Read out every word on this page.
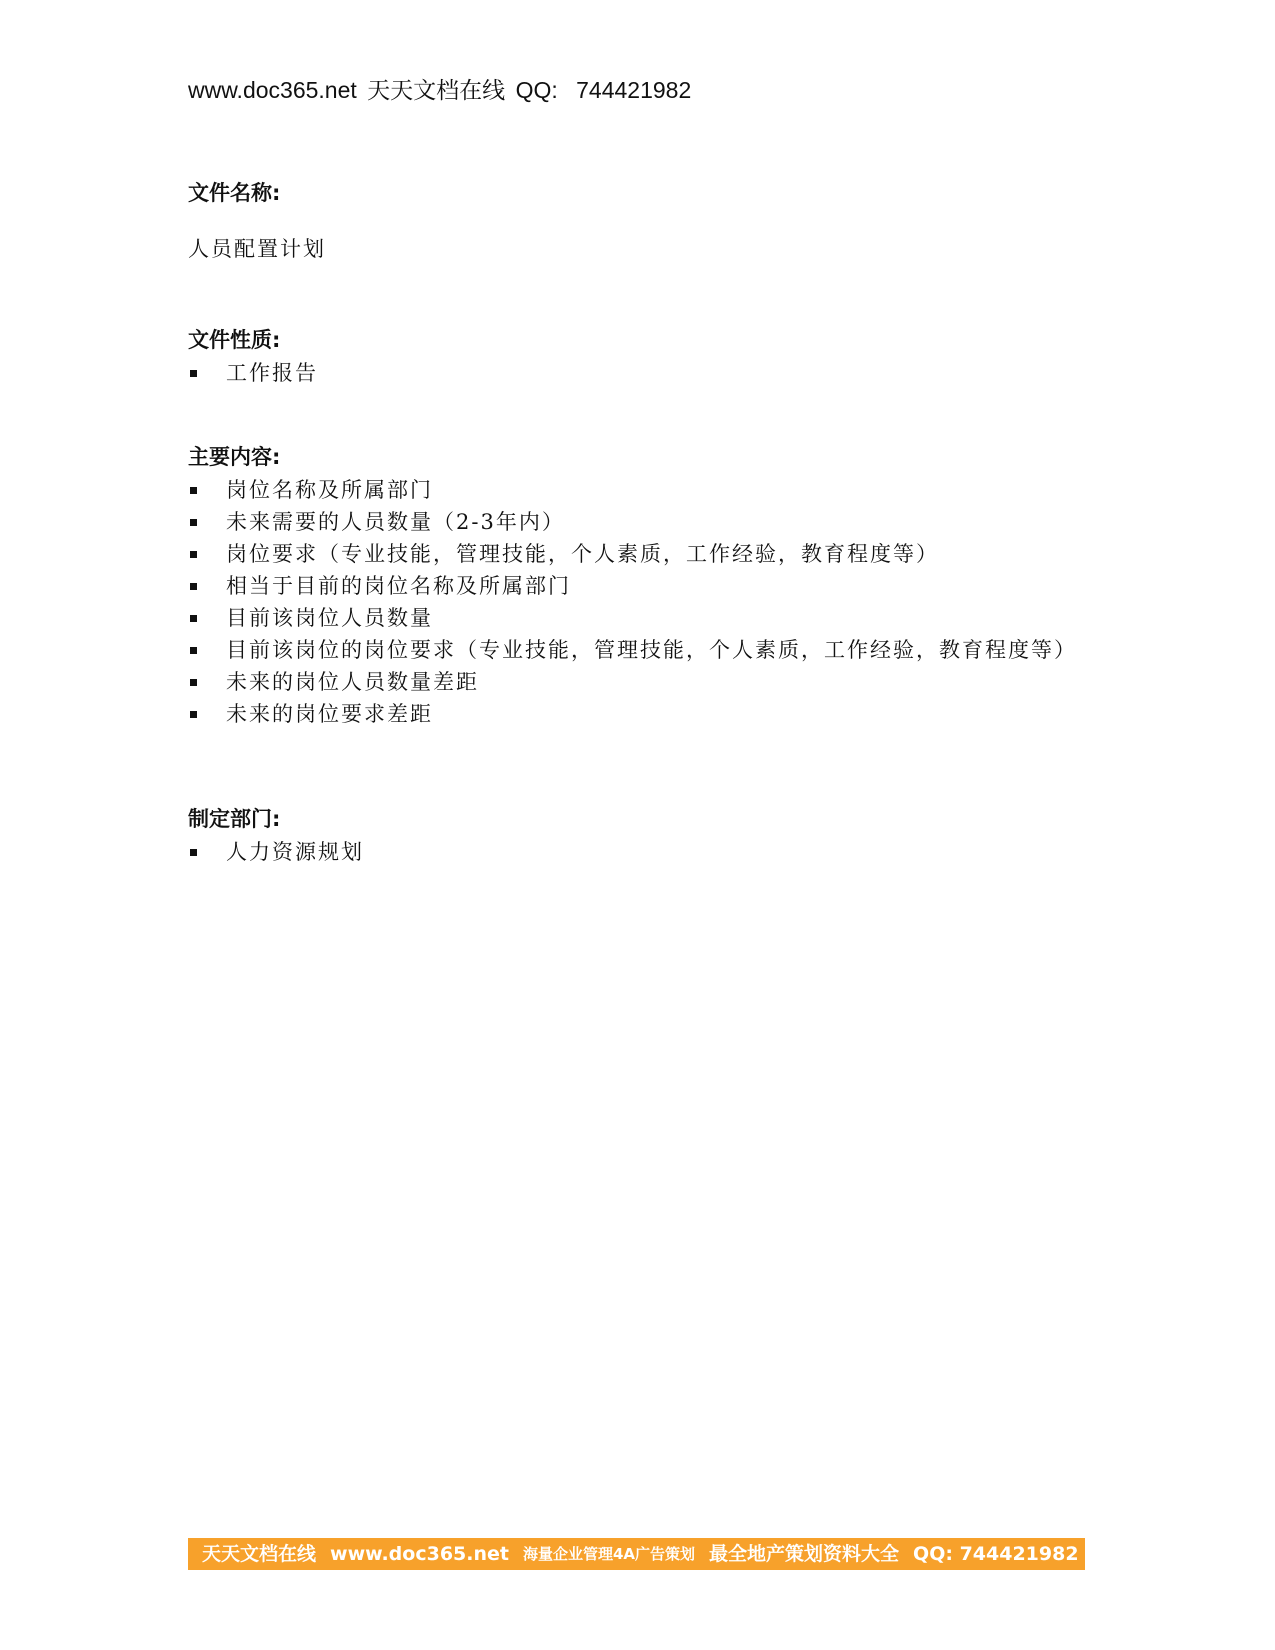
www.doc365.net 天天文档在线 QQ: 744421982
文件名称:
人员配置计划
文件性质:
工作报告
主要内容:
岗位名称及所属部门
未来需要的人员数量（2-3年内）
岗位要求（专业技能，管理技能，个人素质，工作经验，教育程度等）
相当于目前的岗位名称及所属部门
目前该岗位人员数量
目前该岗位的岗位要求（专业技能，管理技能，个人素质，工作经验，教育程度等）
未来的岗位人员数量差距
未来的岗位要求差距
制定部门:
人力资源规划
天天文档在线 www.doc365.net 海量企业管理4A广告策划 最全地产策划资料大全 QQ: 744421982
